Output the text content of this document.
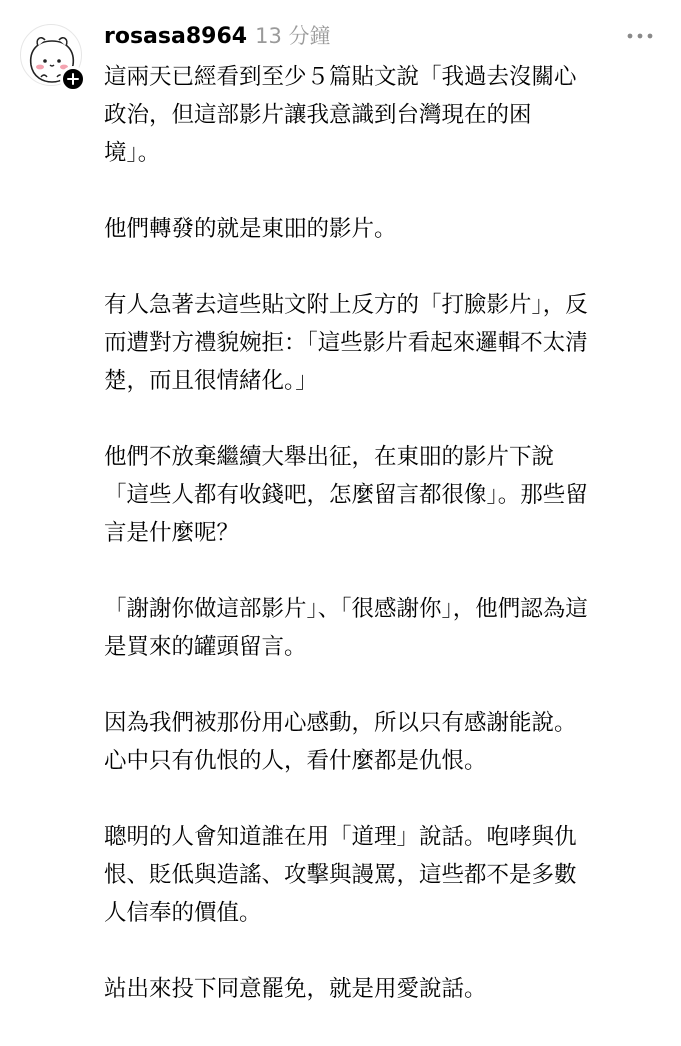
rosasa8964 13 分鐘

這兩天已經看到至少５篇貼文說「我過去沒關心
政治，但這部影片讓我意識到台灣現在的困
境」。

他們轉發的就是東昍的影片。

有人急著去這些貼文附上反方的「打臉影片」，反
而遭對方禮貌婉拒：「這些影片看起來邏輯不太清
楚，而且很情緒化。」

他們不放棄繼續大舉出征，在東昍的影片下說
「這些人都有收錢吧，怎麼留言都很像」。那些留
言是什麼呢？

「謝謝你做這部影片」、「很感謝你」，他們認為這
是買來的罐頭留言。

因為我們被那份用心感動，所以只有感謝能說。
心中只有仇恨的人，看什麼都是仇恨。

聰明的人會知道誰在用「道理」說話。咆哮與仇
恨、貶低與造謠、攻擊與謾罵，這些都不是多數
人信奉的價值。

站出來投下同意罷免，就是用愛說話。
